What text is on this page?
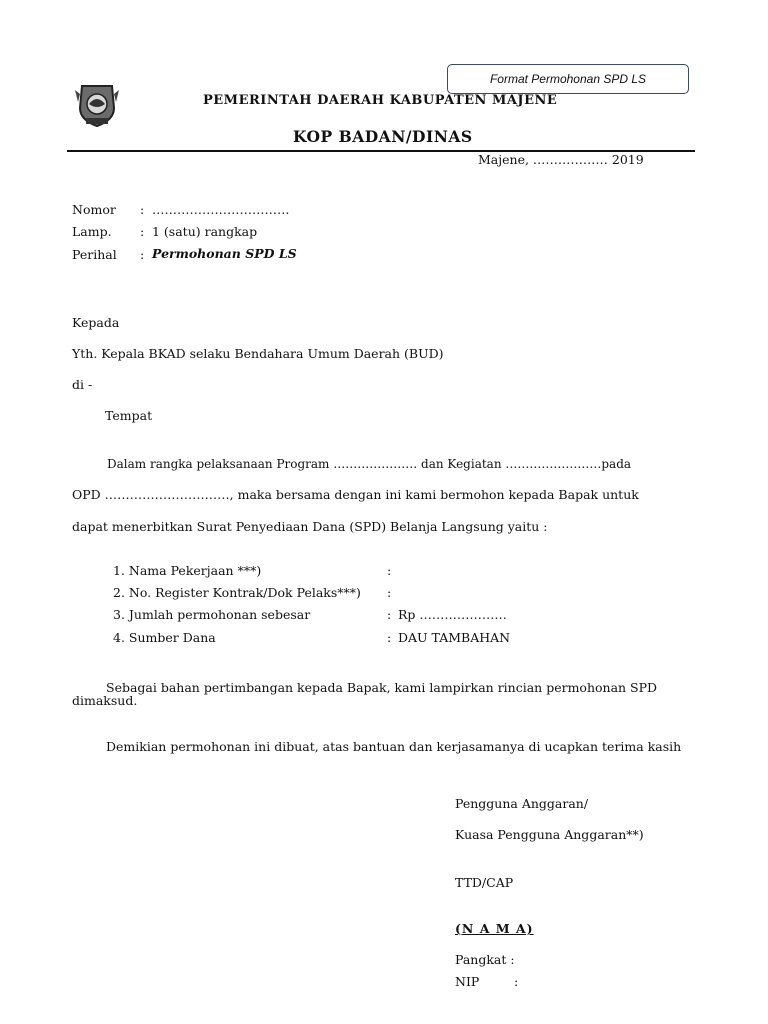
Format Permohonan SPD LS
PEMERINTAH DAERAH KABUPATEN MAJENE
KOP BADAN/DINAS
Majene, ……………… 2019
Nomor : ……………………………
Lamp. : 1 (satu) rangkap
Perihal : Permohonan SPD LS
Kepada
Yth. Kepala BKAD selaku Bendahara Umum Daerah (BUD)
di -
Tempat
Dalam rangka pelaksanaan Program ………………… dan Kegiatan ……………………pada
OPD …………………………, maka bersama dengan ini kami bermohon kepada Bapak untuk
dapat menerbitkan Surat Penyediaan Dana (SPD) Belanja Langsung yaitu :
1. Nama Pekerjaan ***)	:
2. No. Register Kontrak/Dok Pelaks***) :
3. Jumlah permohonan sebesar	: Rp …………………
4. Sumber Dana	: DAU TAMBAHAN
Sebagai bahan pertimbangan kepada Bapak, kami lampirkan rincian permohonan SPD dimaksud.
Demikian permohonan ini dibuat, atas bantuan dan kerjasamanya di ucapkan terima kasih
Pengguna Anggaran/
Kuasa Pengguna Anggaran**)
TTD/CAP
(N A M A)
Pangkat :
NIP	:
